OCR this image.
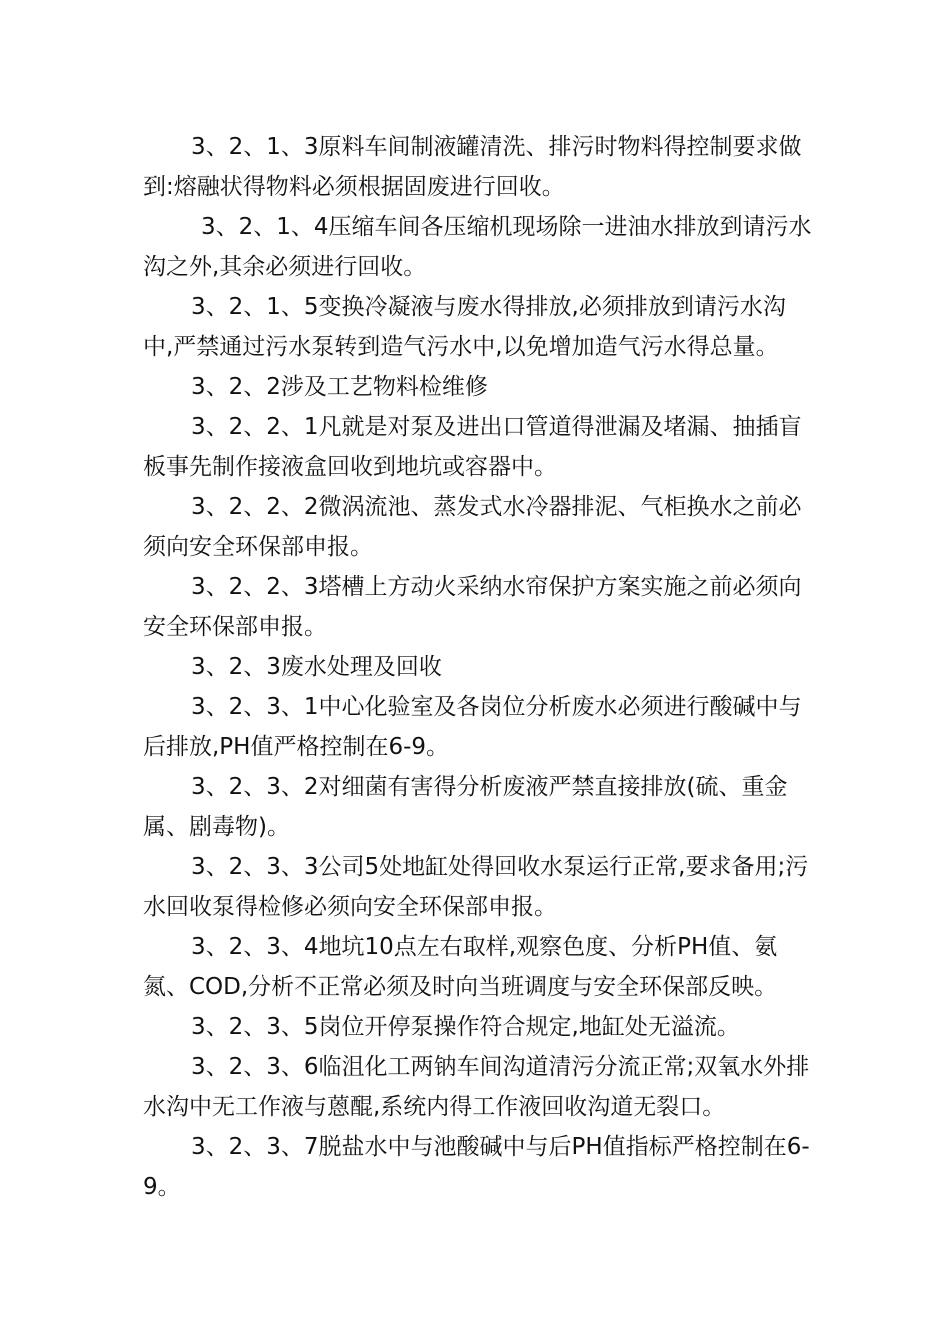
3、2、1、3原料车间制液罐清洗、排污时物料得控制要求做到:熔融状得物料必须根据固废进行回收。

3、2、1、4压缩车间各压缩机现场除一进油水排放到请污水沟之外,其余必须进行回收。

3、2、1、5变换冷凝液与废水得排放,必须排放到请污水沟中,严禁通过污水泵转到造气污水中,以免增加造气污水得总量。

3、2、2涉及工艺物料检维修

3、2、2、1凡就是对泵及进出口管道得泄漏及堵漏、抽插盲板事先制作接液盒回收到地坑或容器中。

3、2、2、2微涡流池、蒸发式水冷器排泥、气柜换水之前必须向安全环保部申报。

3、2、2、3塔槽上方动火采纳水帘保护方案实施之前必须向安全环保部申报。

3、2、3废水处理及回收

3、2、3、1中心化验室及各岗位分析废水必须进行酸碱中与后排放,PH值严格控制在6-9。

3、2、3、2对细菌有害得分析废液严禁直接排放(硫、重金属、剧毒物)。

3、2、3、3公司5处地缸处得回收水泵运行正常,要求备用;污水回收泵得检修必须向安全环保部申报。

3、2、3、4地坑10点左右取样,观察色度、分析PH值、氨氮、COD,分析不正常必须及时向当班调度与安全环保部反映。

3、2、3、5岗位开停泵操作符合规定,地缸处无溢流。

3、2、3、6临沮化工两钠车间沟道清污分流正常;双氧水外排水沟中无工作液与蒽醌,系统内得工作液回收沟道无裂口。

3、2、3、7脱盐水中与池酸碱中与后PH值指标严格控制在6-9。
